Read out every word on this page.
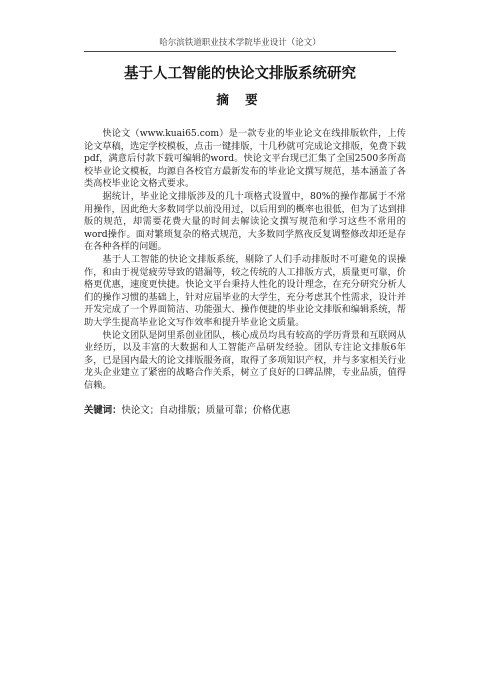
哈尔滨铁道职业技术学院毕业设计（论文）
基于人工智能的快论文排版系统研究
摘 要

快论文（www.kuai65.com）是一款专业的毕业论文在线排版软件，上传论文草稿，选定学校模板，点击一键排版，十几秒就可完成论文排版，免费下载pdf，满意后付款下载可编辑的word。快论文平台现已汇集了全国2500多所高校毕业论文模板，均源自各校官方最新发布的毕业论文撰写规范，基本涵盖了各类高校毕业论文格式要求。

据统计，毕业论文排版涉及的几十项格式设置中，80%的操作都属于不常用操作，因此绝大多数同学以前没用过，以后用到的概率也很低，但为了达到排版的规范，却需要花费大量的时间去解读论文撰写规范和学习这些不常用的word操作。面对繁琐复杂的格式规范，大多数同学熬夜反复调整修改却还是存在各种各样的问题。

基于人工智能的快论文排版系统，剔除了人们手动排版时不可避免的误操作，和由于视觉疲劳导致的错漏等，较之传统的人工排版方式，质量更可靠，价格更优惠，速度更快捷。快论文平台秉持人性化的设计理念，在充分研究分析人们的操作习惯的基础上，针对应届毕业的大学生，充分考虑其个性需求，设计并开发完成了一个界面简洁、功能强大、操作便捷的毕业论文排版和编辑系统，帮助大学生提高毕业论文写作效率和提升毕业论文质量。

快论文团队是阿里系创业团队，核心成员均具有较高的学历背景和互联网从业经历，以及丰富的大数据和人工智能产品研发经验。团队专注论文排版6年多，已是国内最大的论文排版服务商，取得了多项知识产权，并与多家相关行业龙头企业建立了紧密的战略合作关系，树立了良好的口碑品牌，专业品质，值得信赖。

关键词：快论文；自动排版；质量可靠；价格优惠
